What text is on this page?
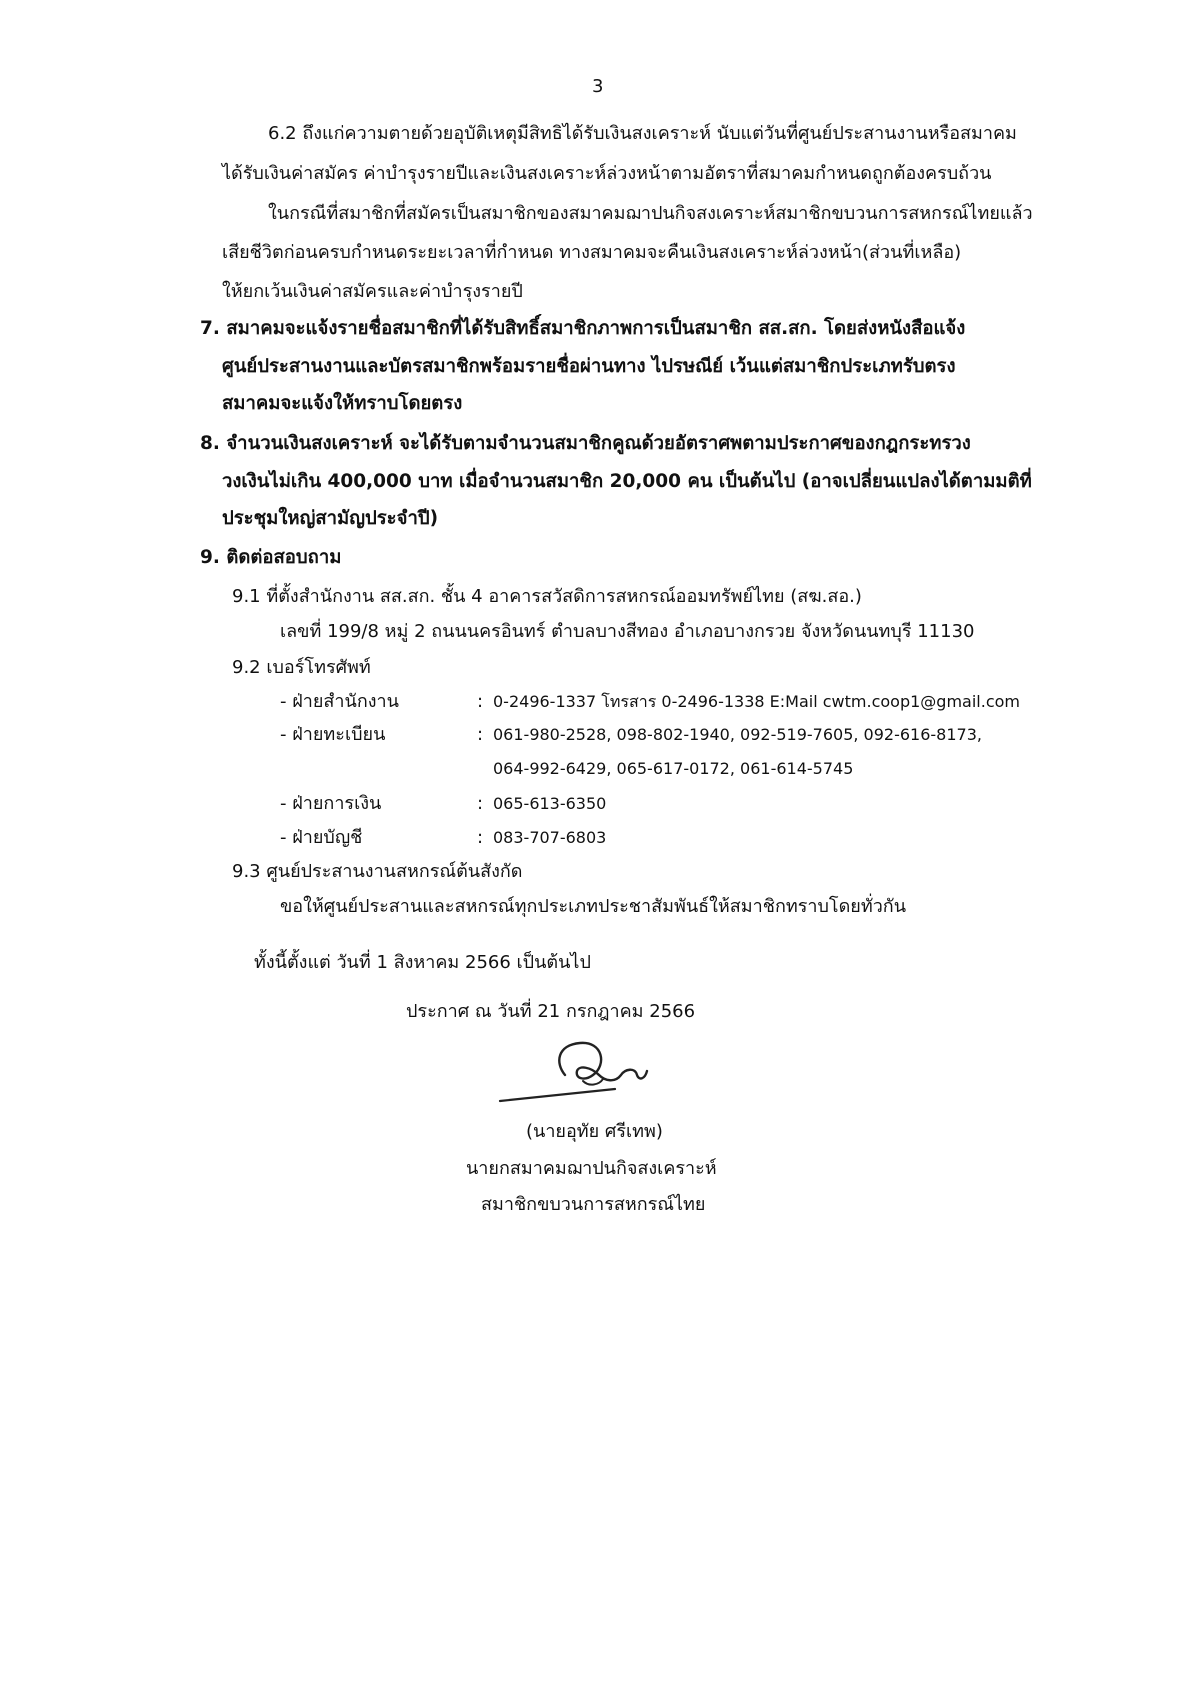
3
6.2 ถึงแก่ความตายด้วยอุบัติเหตุมีสิทธิได้รับเงินสงเคราะห์ นับแต่วันที่ศูนย์ประสานงานหรือสมาคม
ได้รับเงินค่าสมัคร ค่าบำรุงรายปีและเงินสงเคราะห์ล่วงหน้าตามอัตราที่สมาคมกำหนดถูกต้องครบถ้วน
ในกรณีที่สมาชิกที่สมัครเป็นสมาชิกของสมาคมฌาปนกิจสงเคราะห์สมาชิกขบวนการสหกรณ์ไทยแล้ว
เสียชีวิตก่อนครบกำหนดระยะเวลาที่กำหนด ทางสมาคมจะคืนเงินสงเคราะห์ล่วงหน้า(ส่วนที่เหลือ)
ให้ยกเว้นเงินค่าสมัครและค่าบำรุงรายปี
7. สมาคมจะแจ้งรายชื่อสมาชิกที่ได้รับสิทธิ์สมาชิกภาพการเป็นสมาชิก สส.สก. โดยส่งหนังสือแจ้ง
ศูนย์ประสานงานและบัตรสมาชิกพร้อมรายชื่อผ่านทาง ไปรษณีย์ เว้นแต่สมาชิกประเภทรับตรง
สมาคมจะแจ้งให้ทราบโดยตรง
8. จำนวนเงินสงเคราะห์ จะได้รับตามจำนวนสมาชิกคูณด้วยอัตราศพตามประกาศของกฎกระทรวง
วงเงินไม่เกิน 400,000 บาท เมื่อจำนวนสมาชิก 20,000 คน เป็นต้นไป (อาจเปลี่ยนแปลงได้ตามมติที่
ประชุมใหญ่สามัญประจำปี)
9. ติดต่อสอบถาม
9.1 ที่ตั้งสำนักงาน สส.สก. ชั้น 4 อาคารสวัสดิการสหกรณ์ออมทรัพย์ไทย (สฆ.สอ.)
เลขที่ 199/8 หมู่ 2 ถนนนครอินทร์ ตำบลบางสีทอง อำเภอบางกรวย จังหวัดนนทบุรี 11130
9.2 เบอร์โทรศัพท์
- ฝ่ายสำนักงาน	: 0-2496-1337 โทรสาร 0-2496-1338 E:Mail cwtm.coop1@gmail.com
- ฝ่ายทะเบียน	: 061-980-2528, 098-802-1940, 092-519-7605, 092-616-8173,
064-992-6429, 065-617-0172, 061-614-5745
- ฝ่ายการเงิน	: 065-613-6350
- ฝ่ายบัญชี	: 083-707-6803
9.3 ศูนย์ประสานงานสหกรณ์ต้นสังกัด
ขอให้ศูนย์ประสานและสหกรณ์ทุกประเภทประชาสัมพันธ์ให้สมาชิกทราบโดยทั่วกัน
ทั้งนี้ตั้งแต่ วันที่ 1 สิงหาคม 2566 เป็นต้นไป
ประกาศ ณ วันที่ 21 กรกฎาคม 2566
(นายอุทัย ศรีเทพ)
นายกสมาคมฌาปนกิจสงเคราะห์
สมาชิกขบวนการสหกรณ์ไทย
